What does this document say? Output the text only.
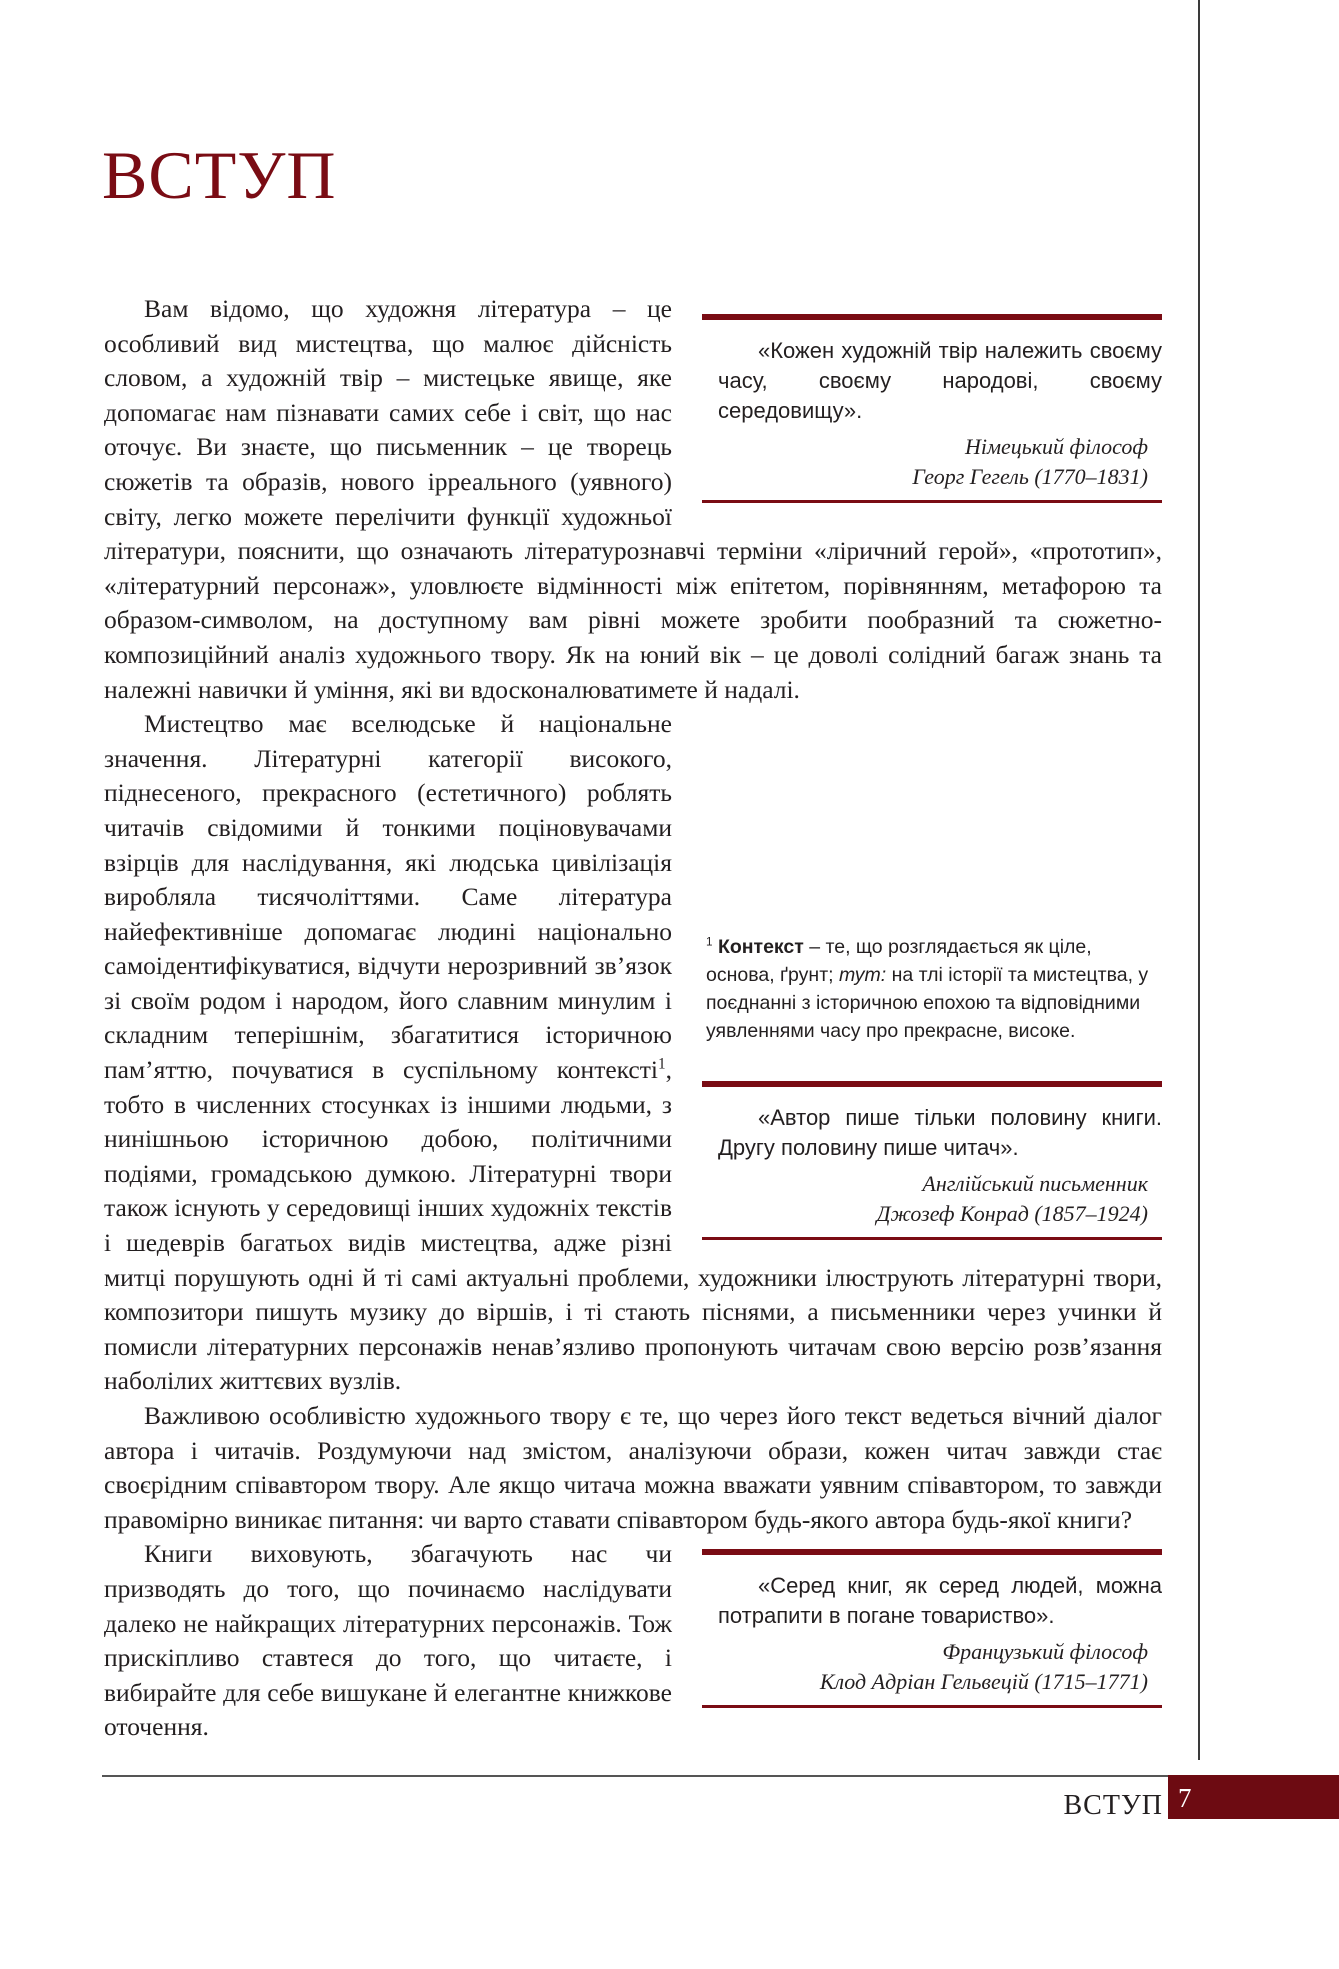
ВСТУП

«Кожен художній твір належить своєму часу, своєму народові, своєму середовищу».

Німецький філософ
Георг Гегель (1770–1831)

Вам відомо, що художня література – це особливий вид мистецтва, що малює дійсність словом, а художній твір – мистецьке явище, яке допомагає нам пізнавати самих себе і світ, що нас оточує. Ви знаєте, що письменник – це творець сюжетів та образів, нового ірреального (уявного) світу, легко можете перелічити функції художньої літератури, пояснити, що означають літературознавчі терміни «ліричний герой», «прототип», «літературний персонаж», уловлюєте відмінності між епітетом, порівнянням, метафорою та образом-символом, на доступному вам рівні можете зробити пообразний та сюжетно-композиційний аналіз художнього твору. Як на юний вік – це доволі солідний багаж знань та належні навички й уміння, які ви вдосконалюватимете й надалі.

$^1$ Контекст – те, що розглядається як ціле, основа, ґрунт; тут: на тлі історії та мистецтва, у поєднанні з історичною епохою та відповідними уявленнями часу про прекрасне, високе.

«Автор пише тільки половину книги. Другу половину пише читач».

Англійський письменник
Джозеф Конрад (1857–1924)

Мистецтво має вселюдське й національне значення. Літературні категорії високого, піднесеного, прекрасного (естетичного) роблять читачів свідомими й тонкими поціновувачами взірців для наслідування, які людська цивілізація виробляла тисячоліттями. Саме література найефективніше допомагає людині національно самоідентифікуватися, відчути нерозривний зв’язок зі своїм родом і народом, його славним минулим і складним теперішнім, збагатитися історичною пам’яттю, почуватися в суспільному контексті$^1$, тобто в численних стосунках із іншими людьми, з нинішньою історичною добою, політичними подіями, громадською думкою. Літературні твори також існують у середовищі інших художніх текстів і шедеврів багатьох видів мистецтва, адже різні митці порушують одні й ті самі актуальні проблеми, художники ілюструють літературні твори, композитори пишуть музику до віршів, і ті стають піснями, а письменники через учинки й помисли літературних персонажів ненав’язливо пропонують читачам свою версію розв’язання наболілих життєвих вузлів.

Важливою особливістю художнього твору є те, що через його текст ведеться вічний діалог автора і читачів. Роздумуючи над змістом, аналізуючи образи, кожен читач завжди стає своєрідним співавтором твору. Але якщо читача можна вважати уявним співавтором, то завжди правомірно виникає питання: чи варто ставати співавтором будь-якого автора будь-якої книги?

«Серед книг, як серед людей, можна потрапити в погане товариство».

Французький філософ
Клод Адріан Гельвецій (1715–1771)

Книги виховують, збагачують нас чи призводять до того, що починаємо наслідувати далеко не найкращих літературних персонажів. Тож прискіпливо ставтеся до того, що читаєте, і вибирайте для себе вишукане й елегантне книжкове оточення.

ВСТУП 7
